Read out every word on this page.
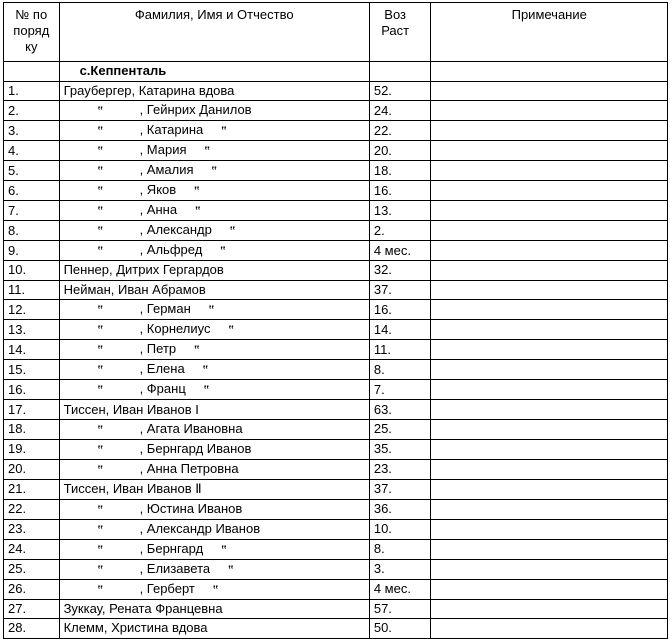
№ по поряд ку	Фамилия, Имя и Отчество	Воз Раст	Примечание
	с.Кеппенталь		
1.	Граубергер, Катарина вдова	52.	
2.	‟ , Гейнрих Данилов	24.	
3.	‟ , Катарина ‟	22.	
4.	‟ , Мария ‟	20.	
5.	‟ , Амалия ‟	18.	
6.	‟ , Яков ‟	16.	
7.	‟ , Анна ‟	13.	
8.	‟ , Александр ‟	2.	
9.	‟ , Альфред ‟	4 мес.	
10.	Пеннер, Дитрих Гергардов	32.	
11.	Нейман, Иван Абрамов	37.	
12.	‟ , Герман ‟	16.	
13.	‟ , Корнелиус ‟	14.	
14.	‟ , Петр ‟	11.	
15.	‟ , Елена ‟	8.	
16.	‟ , Франц ‟	7.	
17.	Тиссен, Иван Иванов I	63.	
18.	‟ , Агата Ивановна	25.	
19.	‟ , Бернгард Иванов	35.	
20.	‟ , Анна Петровна	23.	
21.	Тиссен, Иван Иванов Ⅱ	37.	
22.	‟ , Юстина Иванов	36.	
23.	‟ , Александр Иванов	10.	
24.	‟ , Бернгард ‟	8.	
25.	‟ , Елизавета ‟	3.	
26.	‟ , Герберт ‟	4 мес.	
27.	Зуккау, Рената Францевна	57.	
28.	Клемм, Христина вдова	50.	
